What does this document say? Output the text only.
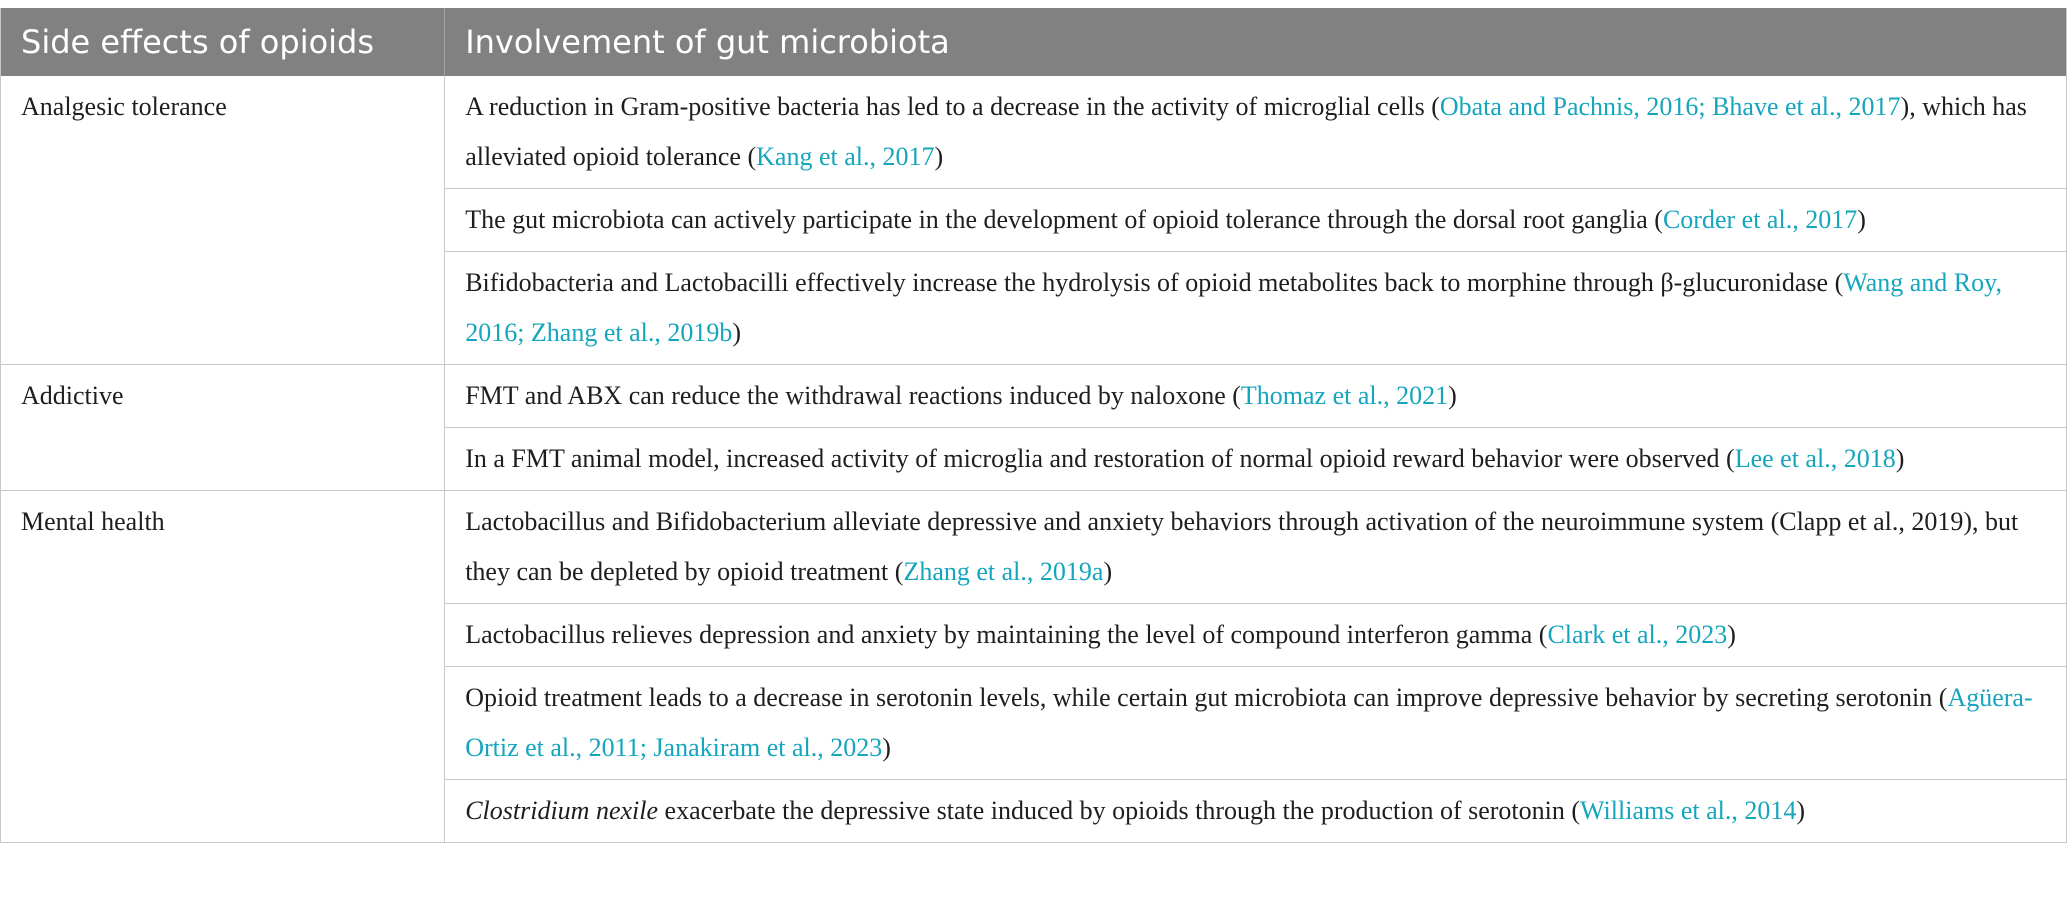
Side effects of opioids	Involvement of gut microbiota
Analgesic tolerance	A reduction in Gram-positive bacteria has led to a decrease in the activity of microglial cells (Obata and Pachnis, 2016; Bhave et al., 2017), which has alleviated opioid tolerance (Kang et al., 2017)
	The gut microbiota can actively participate in the development of opioid tolerance through the dorsal root ganglia (Corder et al., 2017)
	Bifidobacteria and Lactobacilli effectively increase the hydrolysis of opioid metabolites back to morphine through β-glucuronidase (Wang and Roy, 2016; Zhang et al., 2019b)
Addictive	FMT and ABX can reduce the withdrawal reactions induced by naloxone (Thomaz et al., 2021)
	In a FMT animal model, increased activity of microglia and restoration of normal opioid reward behavior were observed (Lee et al., 2018)
Mental health	Lactobacillus and Bifidobacterium alleviate depressive and anxiety behaviors through activation of the neuroimmune system (Clapp et al., 2019), but they can be depleted by opioid treatment (Zhang et al., 2019a)
	Lactobacillus relieves depression and anxiety by maintaining the level of compound interferon gamma (Clark et al., 2023)
	Opioid treatment leads to a decrease in serotonin levels, while certain gut microbiota can improve depressive behavior by secreting serotonin (Agüera-Ortiz et al., 2011; Janakiram et al., 2023)
	Clostridium nexile exacerbate the depressive state induced by opioids through the production of serotonin (Williams et al., 2014)
